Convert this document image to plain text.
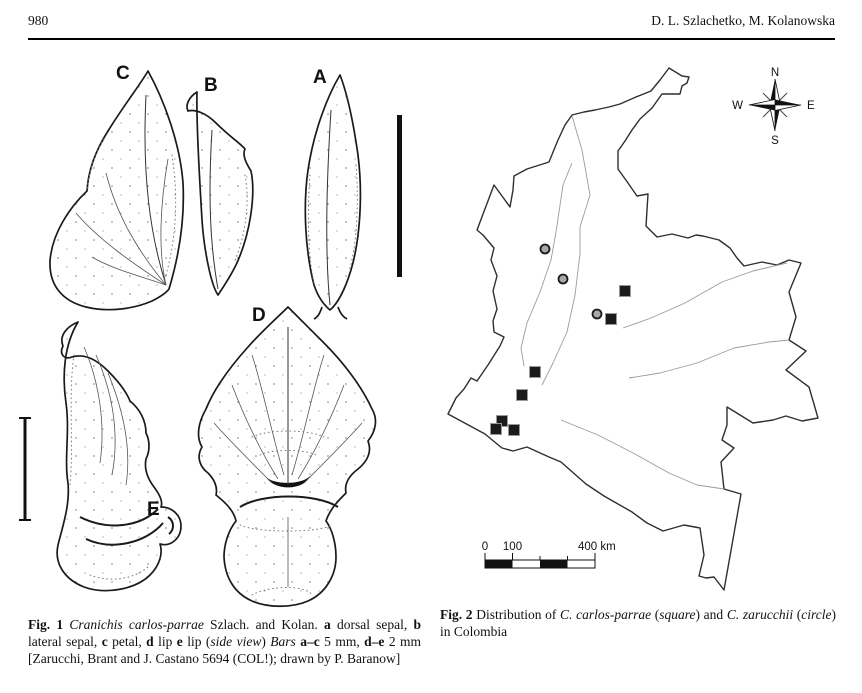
980	D. L. Szlachetko, M. Kolanowska
C
B	A
D
E
N
S
W	E
0 100	400 km

Fig. 1 Cranichis carlos-parrae Szlach. and Kolan. a dorsal sepal, b lateral sepal, c petal, d lip e lip (side view) Bars a–c 5 mm, d–e 2 mm [Zarucchi, Brant and J. Castano 5694 (COL!); drawn by P. Baranow]

Fig. 2 Distribution of C. carlos-parrae (square) and C. zarucchii (circle) in Colombia
